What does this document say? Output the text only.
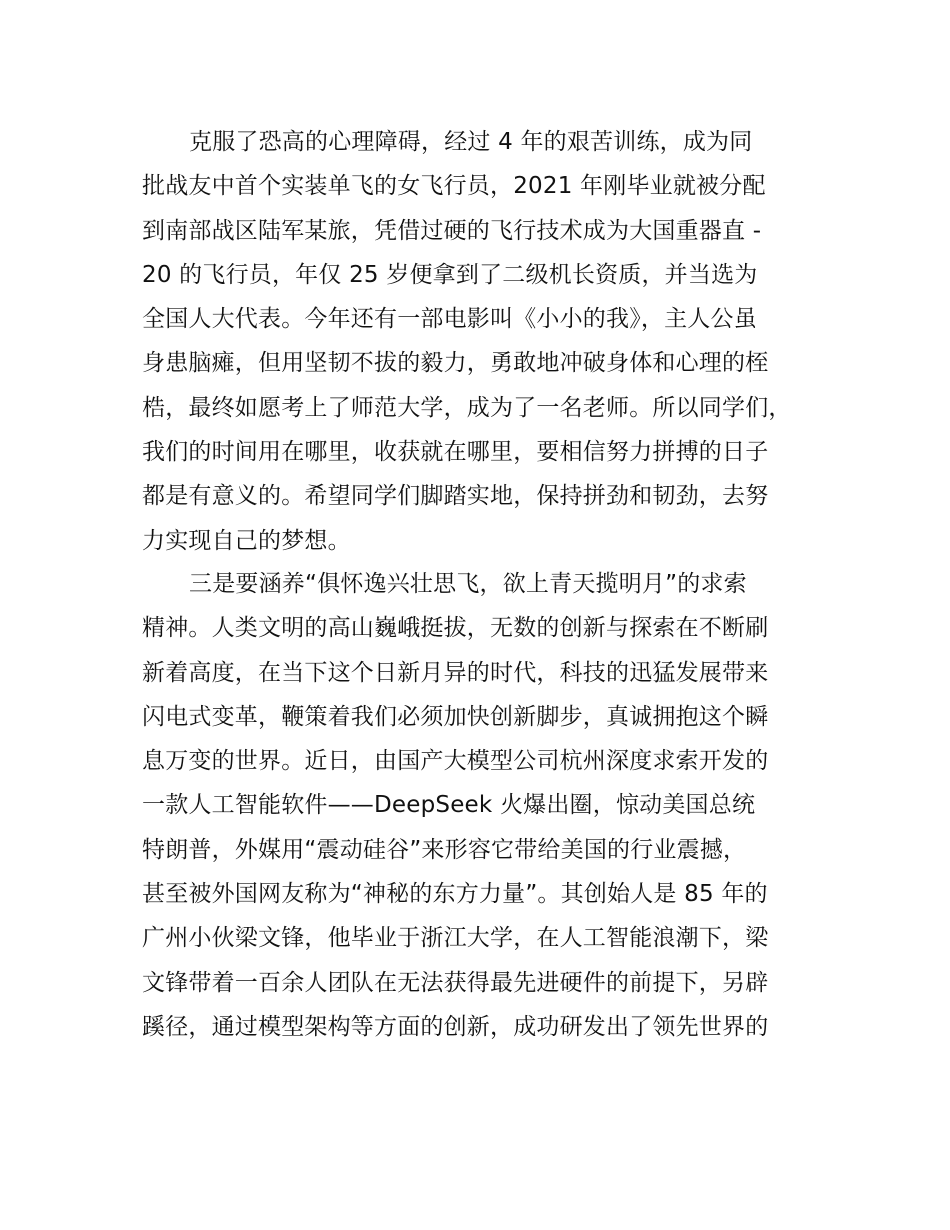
克服了恐高的心理障碍，经过 4 年的艰苦训练，成为同
批战友中首个实装单飞的女飞行员，2021 年刚毕业就被分配
到南部战区陆军某旅，凭借过硬的飞行技术成为大国重器直 -
20 的飞行员，年仅 25 岁便拿到了二级机长资质，并当选为
全国人大代表。今年还有一部电影叫《小小的我》，主人公虽
身患脑瘫，但用坚韧不拔的毅力，勇敢地冲破身体和心理的桎
梏，最终如愿考上了师范大学，成为了一名老师。所以同学们，
我们的时间用在哪里，收获就在哪里，要相信努力拼搏的日子
都是有意义的。希望同学们脚踏实地，保持拼劲和韧劲，去努
力实现自己的梦想。
三是要涵养“俱怀逸兴壮思飞，欲上青天揽明月”的求索
精神。人类文明的高山巍峨挺拔，无数的创新与探索在不断刷
新着高度，在当下这个日新月异的时代，科技的迅猛发展带来
闪电式变革，鞭策着我们必须加快创新脚步，真诚拥抱这个瞬
息万变的世界。近日，由国产大模型公司杭州深度求索开发的
一款人工智能软件——DeepSeek 火爆出圈，惊动美国总统
特朗普，外媒用“震动硅谷”来形容它带给美国的行业震撼，
甚至被外国网友称为“神秘的东方力量”。其创始人是 85 年的
广州小伙梁文锋，他毕业于浙江大学，在人工智能浪潮下，梁
文锋带着一百余人团队在无法获得最先进硬件的前提下，另辟
蹊径，通过模型架构等方面的创新，成功研发出了领先世界的
